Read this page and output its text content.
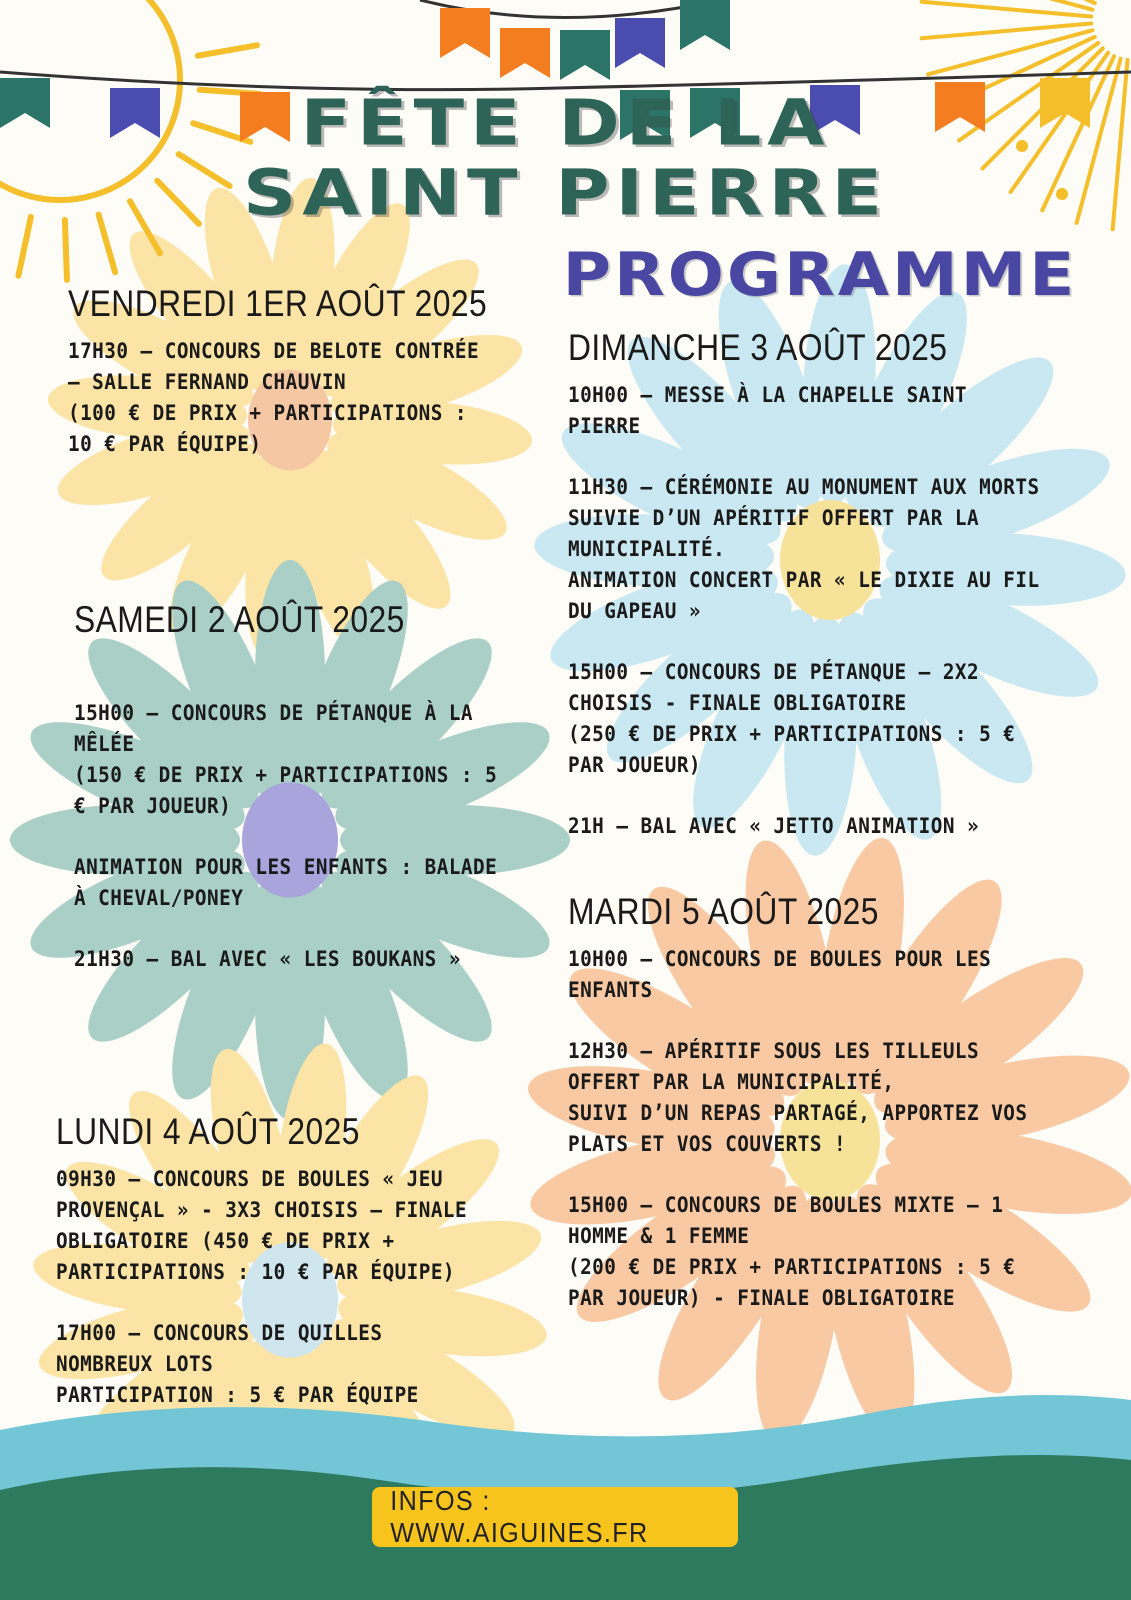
FÊTE DE LA
SAINT PIERRE
PROGRAMME
VENDREDI 1ER AOÛT 2025
17H30 – CONCOURS DE BELOTE CONTRÉE – SALLE FERNAND CHAUVIN
(100 € DE PRIX + PARTICIPATIONS : 10 € PAR ÉQUIPE)
SAMEDI 2 AOÛT 2025
15H00 – CONCOURS DE PÉTANQUE À LA MÊLÉE
(150 € DE PRIX + PARTICIPATIONS : 5 € PAR JOUEUR)
ANIMATION POUR LES ENFANTS : BALADE À CHEVAL/PONEY
21H30 – BAL AVEC « LES BOUKANS »
LUNDI 4 AOÛT 2025
09H30 – CONCOURS DE BOULES « JEU PROVENÇAL » - 3X3 CHOISIS – FINALE OBLIGATOIRE (450 € DE PRIX + PARTICIPATIONS : 10 € PAR ÉQUIPE)
17H00 – CONCOURS DE QUILLES
NOMBREUX LOTS
PARTICIPATION : 5 € PAR ÉQUIPE
DIMANCHE 3 AOÛT 2025
10H00 – MESSE À LA CHAPELLE SAINT PIERRE
11H30 – CÉRÉMONIE AU MONUMENT AUX MORTS SUIVIE D’UN APÉRITIF OFFERT PAR LA MUNICIPALITÉ.
ANIMATION CONCERT PAR « LE DIXIE AU FIL DU GAPEAU »
15H00 – CONCOURS DE PÉTANQUE – 2X2 CHOISIS - FINALE OBLIGATOIRE
(250 € DE PRIX + PARTICIPATIONS : 5 € PAR JOUEUR)
21H – BAL AVEC « JETTO ANIMATION »
MARDI 5 AOÛT 2025
10H00 – CONCOURS DE BOULES POUR LES ENFANTS
12H30 – APÉRITIF SOUS LES TILLEULS OFFERT PAR LA MUNICIPALITÉ,
SUIVI D’UN REPAS PARTAGÉ, APPORTEZ VOS PLATS ET VOS COUVERTS !
15H00 – CONCOURS DE BOULES MIXTE – 1 HOMME & 1 FEMME
(200 € DE PRIX + PARTICIPATIONS : 5 € PAR JOUEUR) - FINALE OBLIGATOIRE
INFOS : WWW.AIGUINES.FR
